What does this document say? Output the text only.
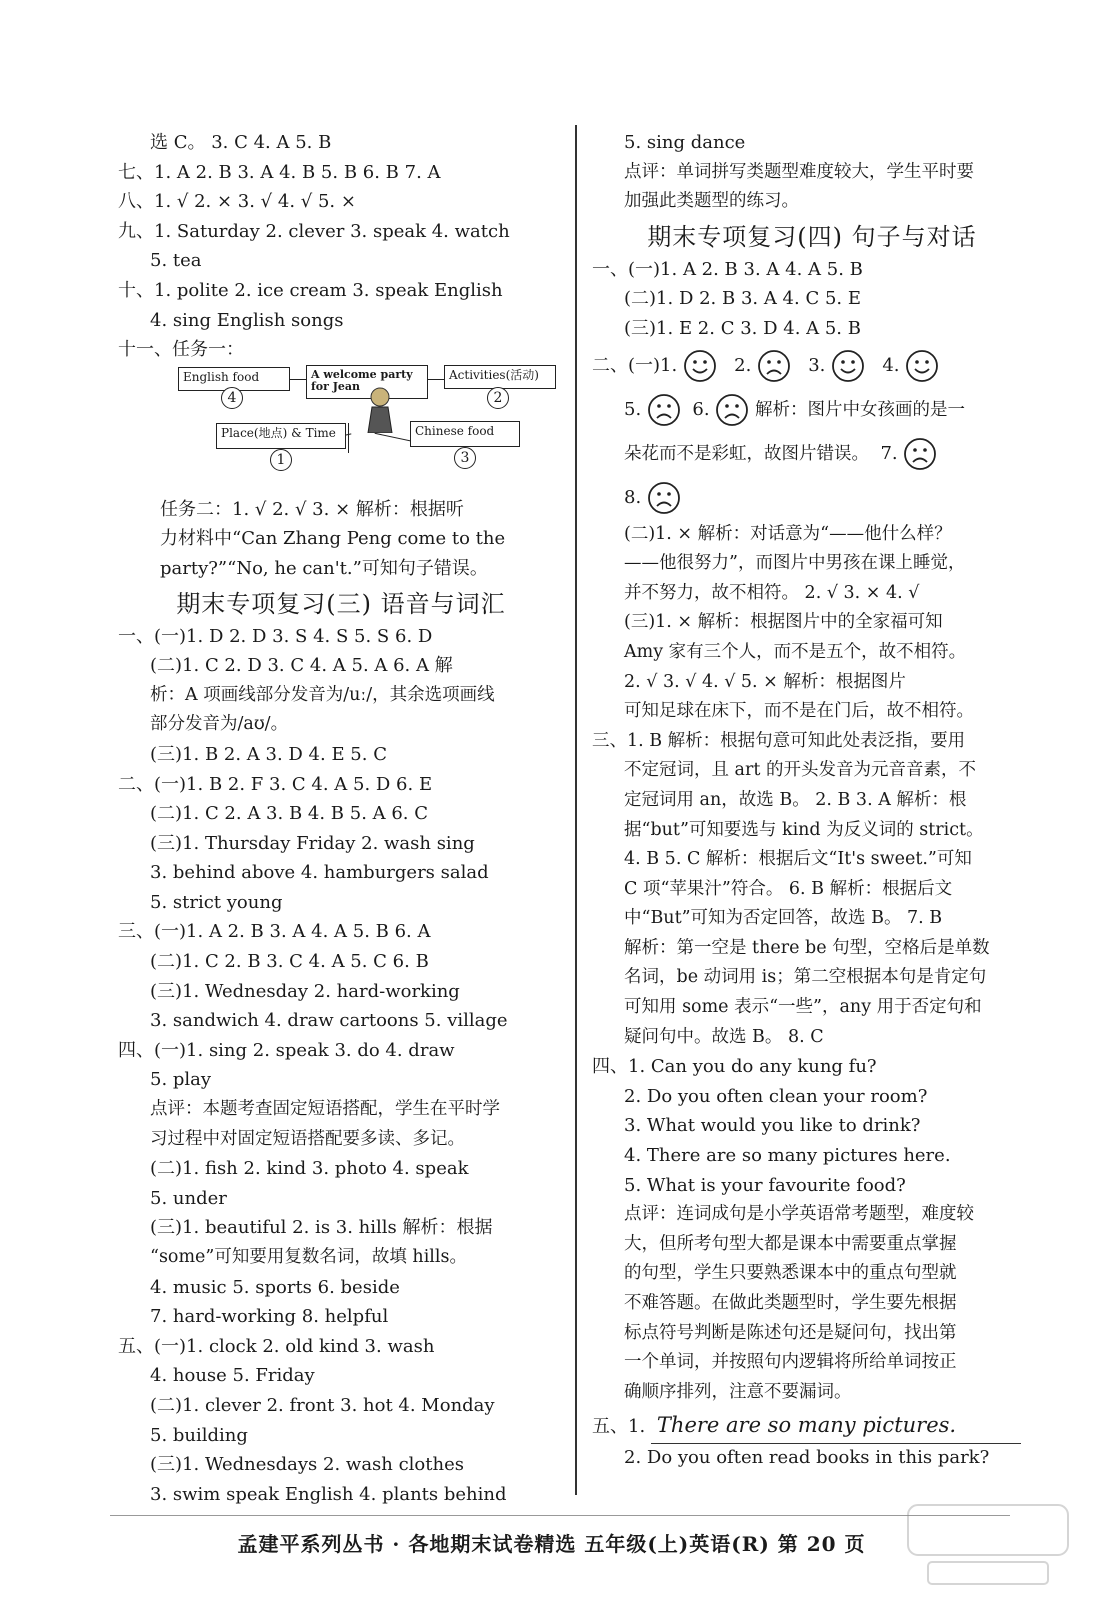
选 C。 3. C 4. A 5. B
七、1. A 2. B 3. A 4. B 5. B 6. B 7. A
八、1. √ 2. × 3. √ 4. √ 5. ×
九、1. Saturday 2. clever 3. speak 4. watch
5. tea
十、1. polite 2. ice cream 3. speak English
4. sing English songs
十一、任务一：
English food
4
A welcome party
for Jean
Activities(活动)
2
Place(地点) & Time
1
Chinese food
3
任务二：1. √ 2. √ 3. × 解析：根据听
力材料中“Can Zhang Peng come to the
party?”“No, he can't.”可知句子错误。
期末专项复习(三) 语音与词汇
一、(一)1. D 2. D 3. S 4. S 5. S 6. D
(二)1. C 2. D 3. C 4. A 5. A 6. A 解
析：A 项画线部分发音为/uː/，其余选项画线
部分发音为/aʊ/。
(三)1. B 2. A 3. D 4. E 5. C
二、(一)1. B 2. F 3. C 4. A 5. D 6. E
(二)1. C 2. A 3. B 4. B 5. A 6. C
(三)1. Thursday Friday 2. wash sing
3. behind above 4. hamburgers salad
5. strict young
三、(一)1. A 2. B 3. A 4. A 5. B 6. A
(二)1. C 2. B 3. C 4. A 5. C 6. B
(三)1. Wednesday 2. hard-working
3. sandwich 4. draw cartoons 5. village
四、(一)1. sing 2. speak 3. do 4. draw
5. play
点评：本题考查固定短语搭配，学生在平时学
习过程中对固定短语搭配要多读、多记。
(二)1. fish 2. kind 3. photo 4. speak
5. under
(三)1. beautiful 2. is 3. hills 解析：根据
“some”可知要用复数名词，故填 hills。
4. music 5. sports 6. beside
7. hard-working 8. helpful
五、(一)1. clock 2. old kind 3. wash
4. house 5. Friday
(二)1. clever 2. front 3. hot 4. Monday
5. building
(三)1. Wednesdays 2. wash clothes
3. swim speak English 4. plants behind
5. sing dance
点评：单词拼写类题型难度较大，学生平时要
加强此类题型的练习。
期末专项复习(四) 句子与对话
一、(一)1. A 2. B 3. A 4. A 5. B
(二)1. D 2. B 3. A 4. C 5. E
(三)1. E 2. C 3. D 4. A 5. B
二、(一)1.	2.	3.	4.
5.	6.	解析：图片中女孩画的是一
朵花而不是彩虹，故图片错误。 7.
8.
(二)1. × 解析：对话意为“——他什么样？
——他很努力”，而图片中男孩在课上睡觉，
并不努力，故不相符。 2. √ 3. × 4. √
(三)1. × 解析：根据图片中的全家福可知
Amy 家有三个人，而不是五个，故不相符。
2. √ 3. √ 4. √ 5. × 解析：根据图片
可知足球在床下，而不是在门后，故不相符。
三、1. B 解析：根据句意可知此处表泛指，要用
不定冠词，且 art 的开头发音为元音音素，不
定冠词用 an，故选 B。 2. B 3. A 解析：根
据“but”可知要选与 kind 为反义词的 strict。
4. B 5. C 解析：根据后文“It's sweet.”可知
C 项“苹果汁”符合。 6. B 解析：根据后文
中“But”可知为否定回答，故选 B。 7. B
解析：第一空是 there be 句型，空格后是单数
名词，be 动词用 is；第二空根据本句是肯定句
可知用 some 表示“一些”，any 用于否定句和
疑问句中。故选 B。 8. C
四、1. Can you do any kung fu?
2. Do you often clean your room?
3. What would you like to drink?
4. There are so many pictures here.
5. What is your favourite food?
点评：连词成句是小学英语常考题型，难度较
大，但所考句型大都是课本中需要重点掌握
的句型，学生只要熟悉课本中的重点句型就
不难答题。在做此类题型时，学生要先根据
标点符号判断是陈述句还是疑问句，找出第
一个单词，并按照句内逻辑将所给单词按正
确顺序排列，注意不要漏词。
五、1. There are so many pictures.
2. Do you often read books in this park?
孟建平系列丛书 · 各地期末试卷精选 五年级(上)英语(R) 第 20 页
